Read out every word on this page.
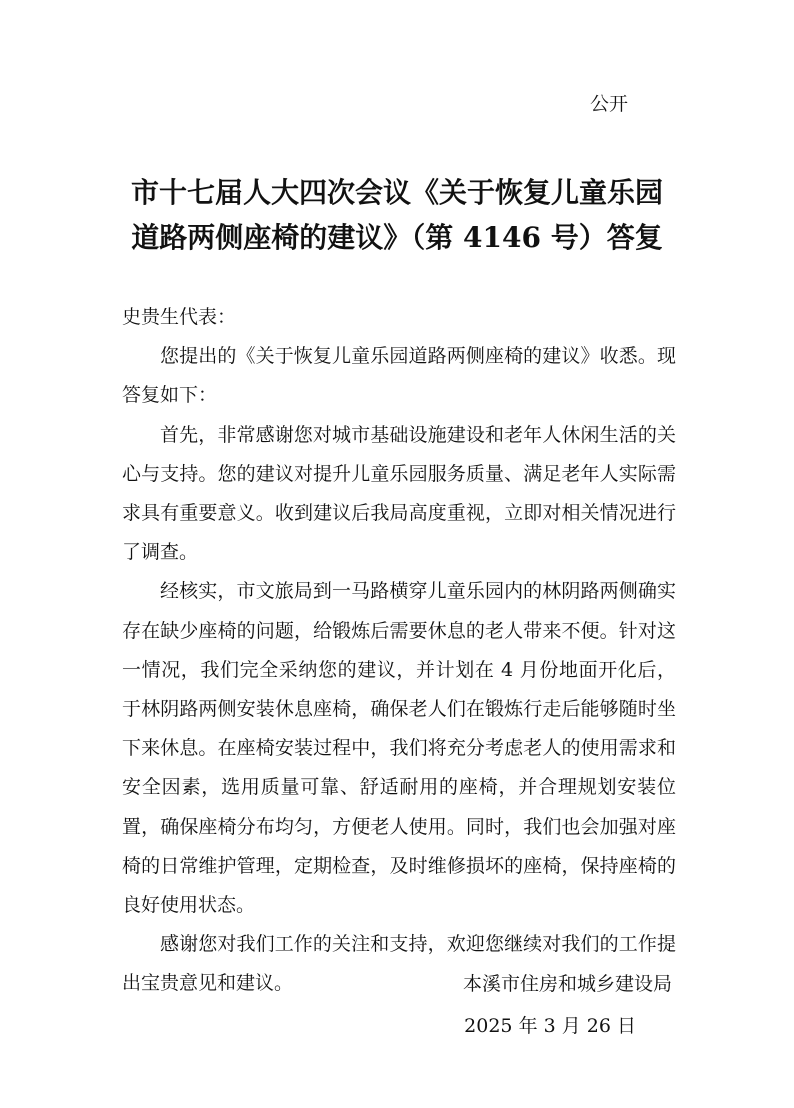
公开
市十七届人大四次会议《关于恢复儿童乐园
道路两侧座椅的建议》（第 4146 号）答复

史贵生代表：

您提出的《关于恢复儿童乐园道路两侧座椅的建议》收悉。现答复如下：

首先，非常感谢您对城市基础设施建设和老年人休闲生活的关心与支持。您的建议对提升儿童乐园服务质量、满足老年人实际需求具有重要意义。收到建议后我局高度重视，立即对相关情况进行了调查。

经核实，市文旅局到一马路横穿儿童乐园内的林阴路两侧确实存在缺少座椅的问题，给锻炼后需要休息的老人带来不便。针对这一情况，我们完全采纳您的建议，并计划在 4 月份地面开化后，于林阴路两侧安装休息座椅，确保老人们在锻炼行走后能够随时坐下来休息。在座椅安装过程中，我们将充分考虑老人的使用需求和安全因素，选用质量可靠、舒适耐用的座椅，并合理规划安装位置，确保座椅分布均匀，方便老人使用。同时，我们也会加强对座椅的日常维护管理，定期检查，及时维修损坏的座椅，保持座椅的良好使用状态。

感谢您对我们工作的关注和支持，欢迎您继续对我们的工作提出宝贵意见和建议。	本溪市住房和城乡建设局
2025 年 3 月 26 日
